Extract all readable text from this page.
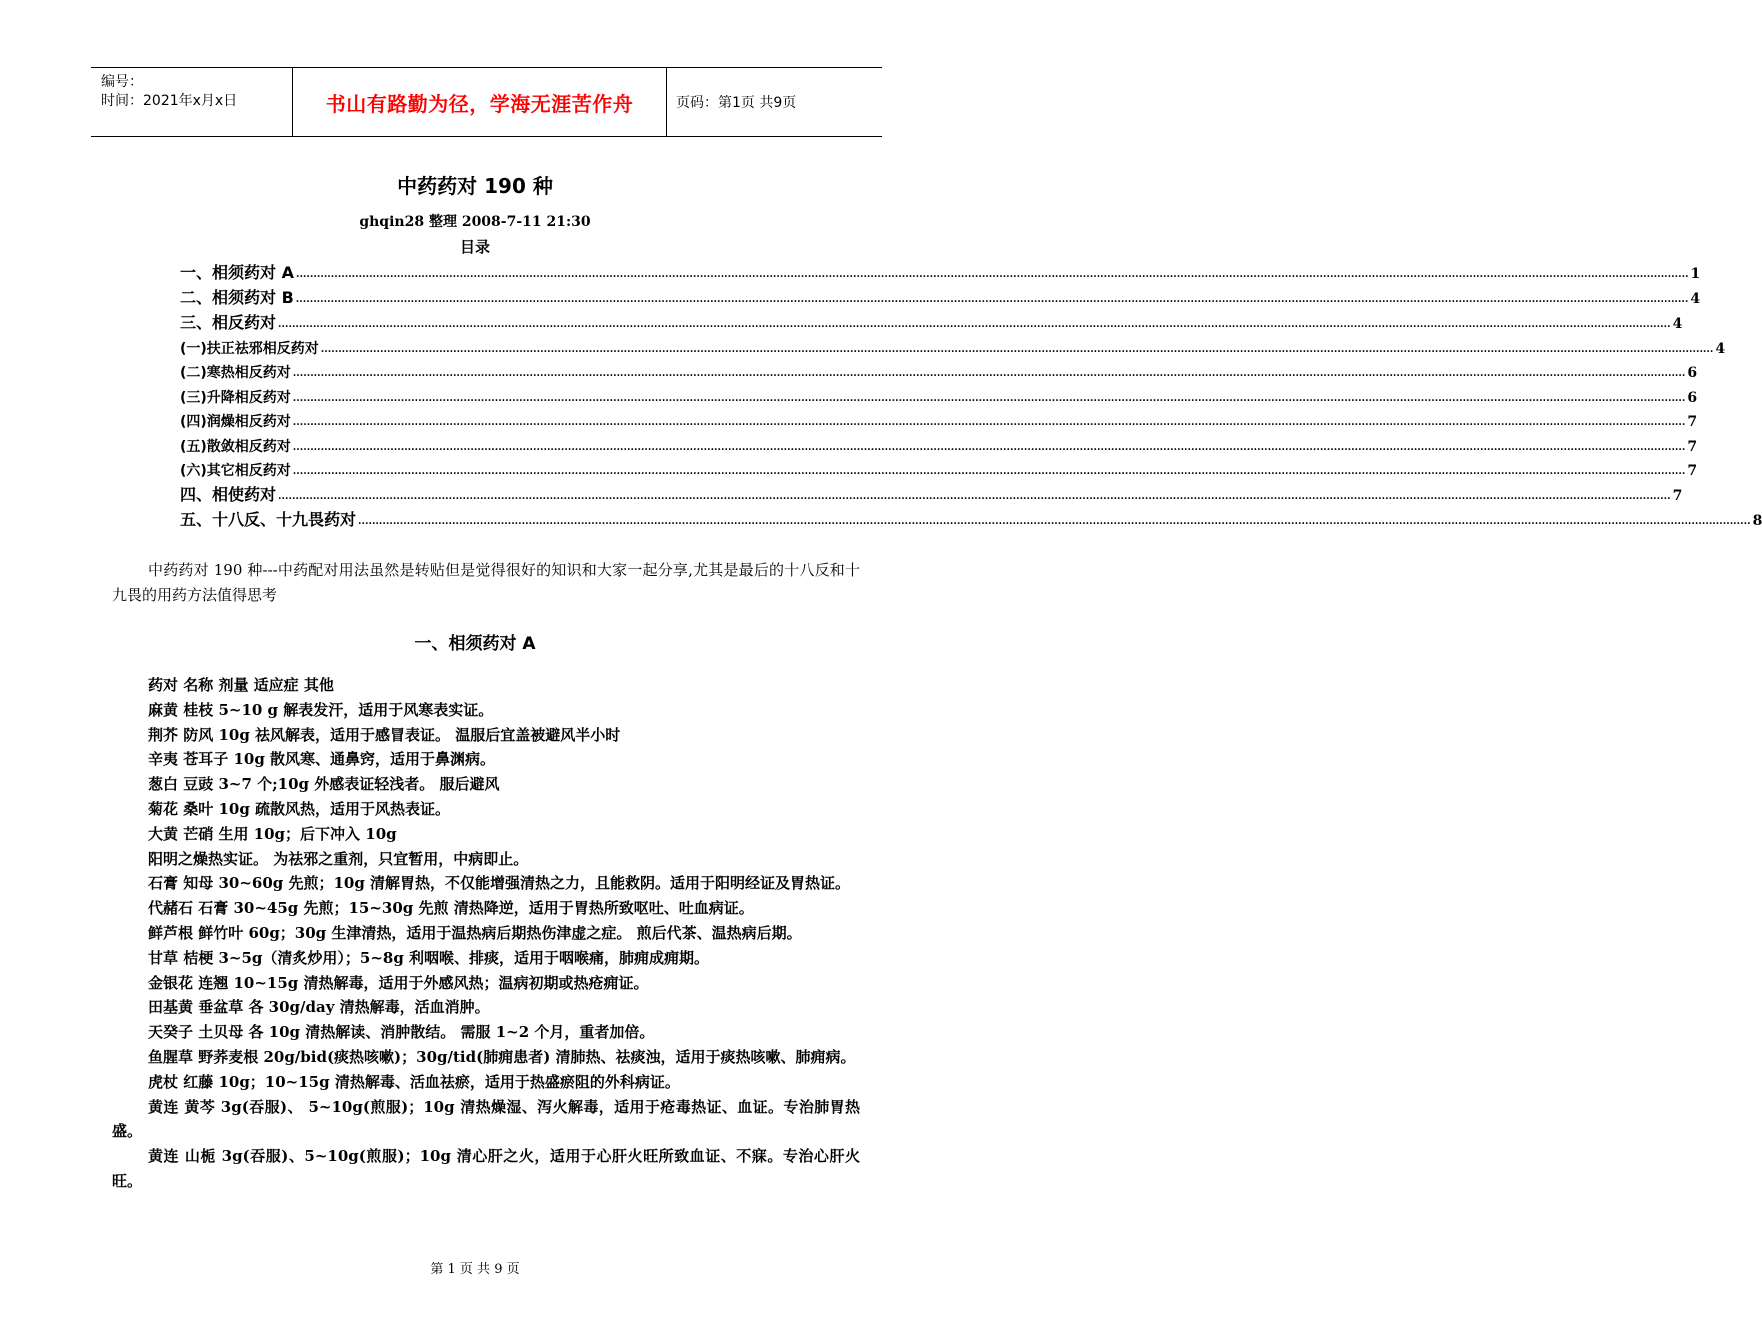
编号：
时间：2021年x月x日	书山有路勤为径，学海无涯苦作舟	页码：第1页 共9页
中药药对 190 种
ghqin28 整理 2008-7-11 21:30
目录
一、相须药对 A ................................................................................................................................................................................................................................................................................................................................................................................................................ 1
二、相须药对 B ................................................................................................................................................................................................................................................................................................................................................................................................................ 4
三、相反药对 ................................................................................................................................................................................................................................................................................................................................................................................................................ 4
(一)扶正祛邪相反药对 ................................................................................................................................................................................................................................................................................................................................................................................................................ 4
(二)寒热相反药对 ................................................................................................................................................................................................................................................................................................................................................................................................................ 6
(三)升降相反药对 ................................................................................................................................................................................................................................................................................................................................................................................................................ 6
(四)润燥相反药对 ................................................................................................................................................................................................................................................................................................................................................................................................................ 7
(五)散敛相反药对 ................................................................................................................................................................................................................................................................................................................................................................................................................ 7
(六)其它相反药对 ................................................................................................................................................................................................................................................................................................................................................................................................................ 7
四、相使药对 ................................................................................................................................................................................................................................................................................................................................................................................................................ 7
五、十八反、十九畏药对 ................................................................................................................................................................................................................................................................................................................................................................................................................ 8
中药药对 190 种---中药配对用法虽然是转贴但是觉得很好的知识和大家一起分享,尤其是最后的十八反和十九畏的用药方法值得思考
一、相须药对 A

药对 名称 剂量 适应症 其他

麻黄 桂枝 5~10 g 解表发汗，适用于风寒表实证。

荆芥 防风 10g 祛风解表，适用于感冒表证。 温服后宜盖被避风半小时

辛夷 苍耳子 10g 散风寒、通鼻窍，适用于鼻渊病。

葱白 豆豉 3~7 个;10g 外感表证轻浅者。 服后避风

菊花 桑叶 10g 疏散风热，适用于风热表证。

大黄 芒硝 生用 10g；后下冲入 10g

阳明之燥热实证。 为祛邪之重剂，只宜暂用，中病即止。

石膏 知母 30~60g 先煎；10g 清解胃热，不仅能增强清热之力，且能救阴。适用于阳明经证及胃热证。

代赭石 石膏 30~45g 先煎；15~30g 先煎 清热降逆，适用于胃热所致呕吐、吐血病证。

鲜芦根 鲜竹叶 60g；30g 生津清热，适用于温热病后期热伤津虚之症。 煎后代茶、温热病后期。

甘草 桔梗 3~5g（清炙炒用）；5~8g 利咽喉、排痰，适用于咽喉痛，肺痈成痈期。

金银花 连翘 10~15g 清热解毒，适用于外感风热；温病初期或热疮痈证。

田基黄 垂盆草 各 30g/day 清热解毒，活血消肿。

天癸子 土贝母 各 10g 清热解读、消肿散结。 需服 1~2 个月，重者加倍。

鱼腥草 野荞麦根 20g/bid(痰热咳嗽)；30g/tid(肺痈患者) 清肺热、祛痰浊，适用于痰热咳嗽、肺痈病。

虎杖 红藤 10g；10~15g 清热解毒、活血祛瘀，适用于热盛瘀阻的外科病证。

黄连 黄芩 3g(吞服)、 5~10g(煎服)；10g 清热燥湿、泻火解毒，适用于疮毒热证、血证。专治肺胃热盛。

黄连 山栀 3g(吞服)、5~10g(煎服)；10g 清心肝之火，适用于心肝火旺所致血证、不寐。专治心肝火旺。

第 1 页 共 9 页
